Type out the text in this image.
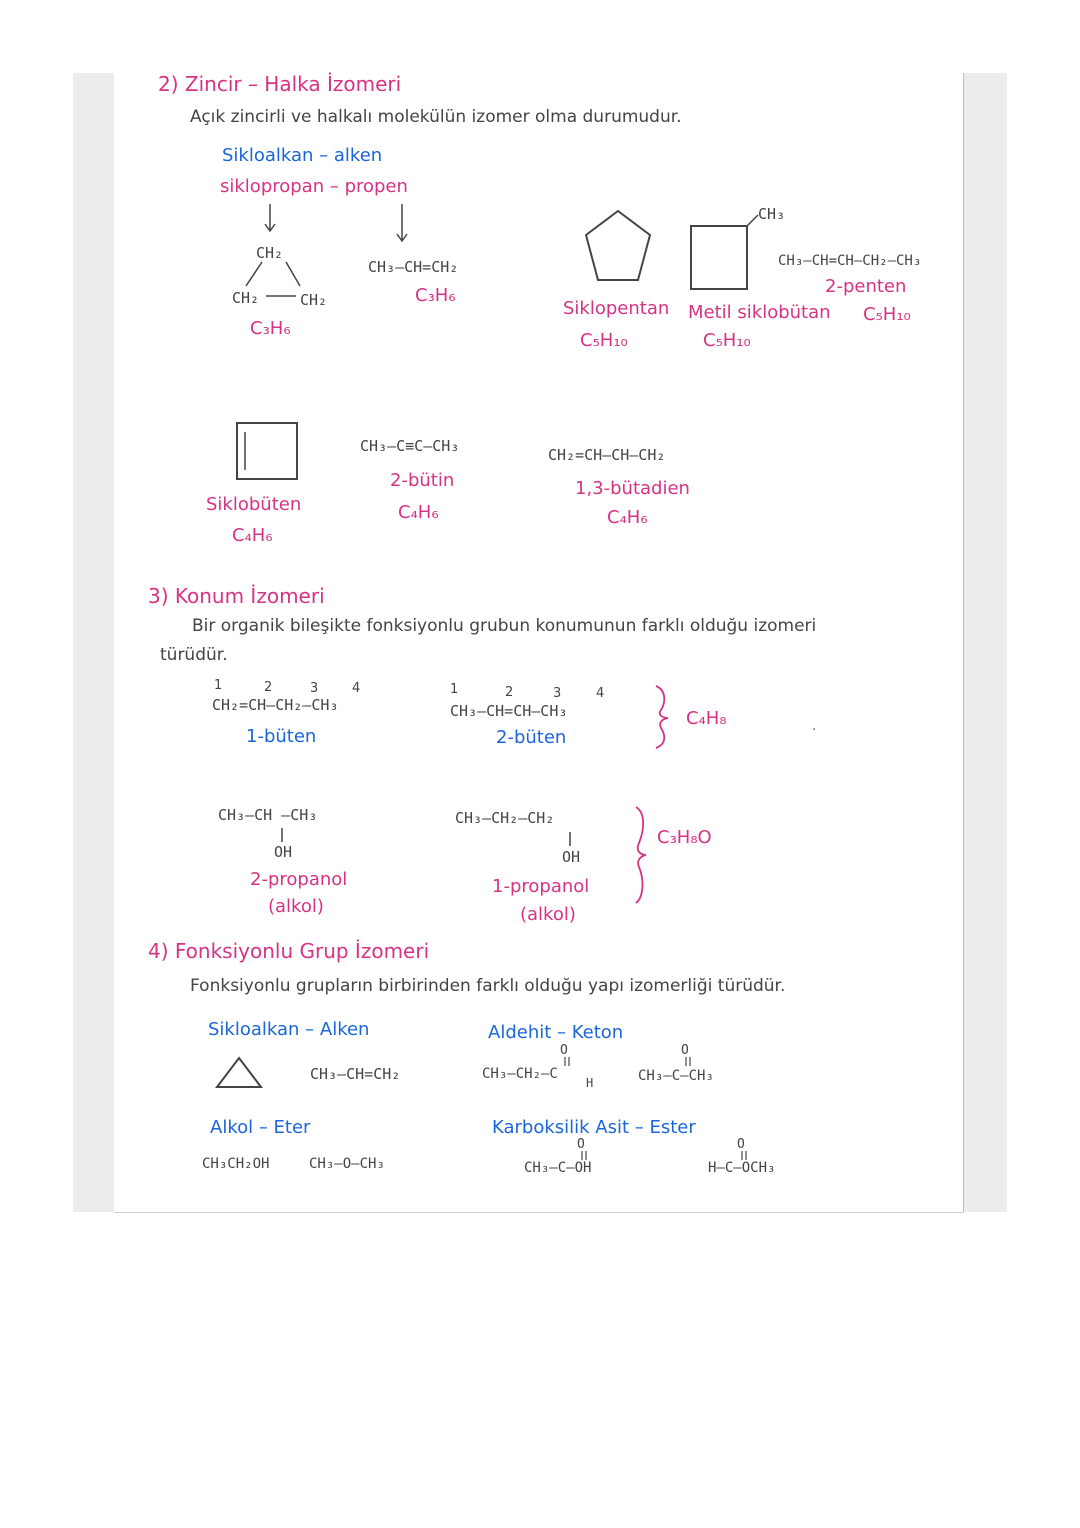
2) Zincir – Halka İzomeri
Açık zincirli ve halkalı molekülün izomer olma durumudur.
Sikloalkan – alken
siklopropan – propen
CH₂
CH₂	CH₂
C₃H₆
CH₃–CH=CH₂
C₃H₆
Siklopentan
C₅H₁₀
CH₃
Metil siklobütan
C₅H₁₀
CH₃–CH=CH–CH₂–CH₃
2-penten
C₅H₁₀
Siklobüten
C₄H₆
CH₃–C≡C–CH₃
2-bütin
C₄H₆
CH₂=CH–CH–CH₂
1,3-bütadien
C₄H₆
3) Konum İzomeri
Bir organik bileşikte fonksiyonlu grubun konumunun farklı olduğu izomeri
türüdür.
1	2	3	4
CH₂=CH–CH₂–CH₃
1-büten
1	2	3	4
CH₃–CH=CH–CH₃
2-büten
C₄H₈
CH₃–CH –CH₃
OH
2-propanol
(alkol)
CH₃–CH₂–CH₂
OH
1-propanol
(alkol)
C₃H₈O
4) Fonksiyonlu Grup İzomeri
Fonksiyonlu grupların birbirinden farklı olduğu yapı izomerliği türüdür.
Sikloalkan – Alken
CH₃–CH=CH₂
Aldehit – Keton
O
CH₃–CH₂–C
H
O
CH₃–C–CH₃
Alkol – Eter
CH₃CH₂OH	CH₃–O–CH₃
Karboksilik Asit – Ester
O
CH₃–C–OH
O
H–C–OCH₃
·
